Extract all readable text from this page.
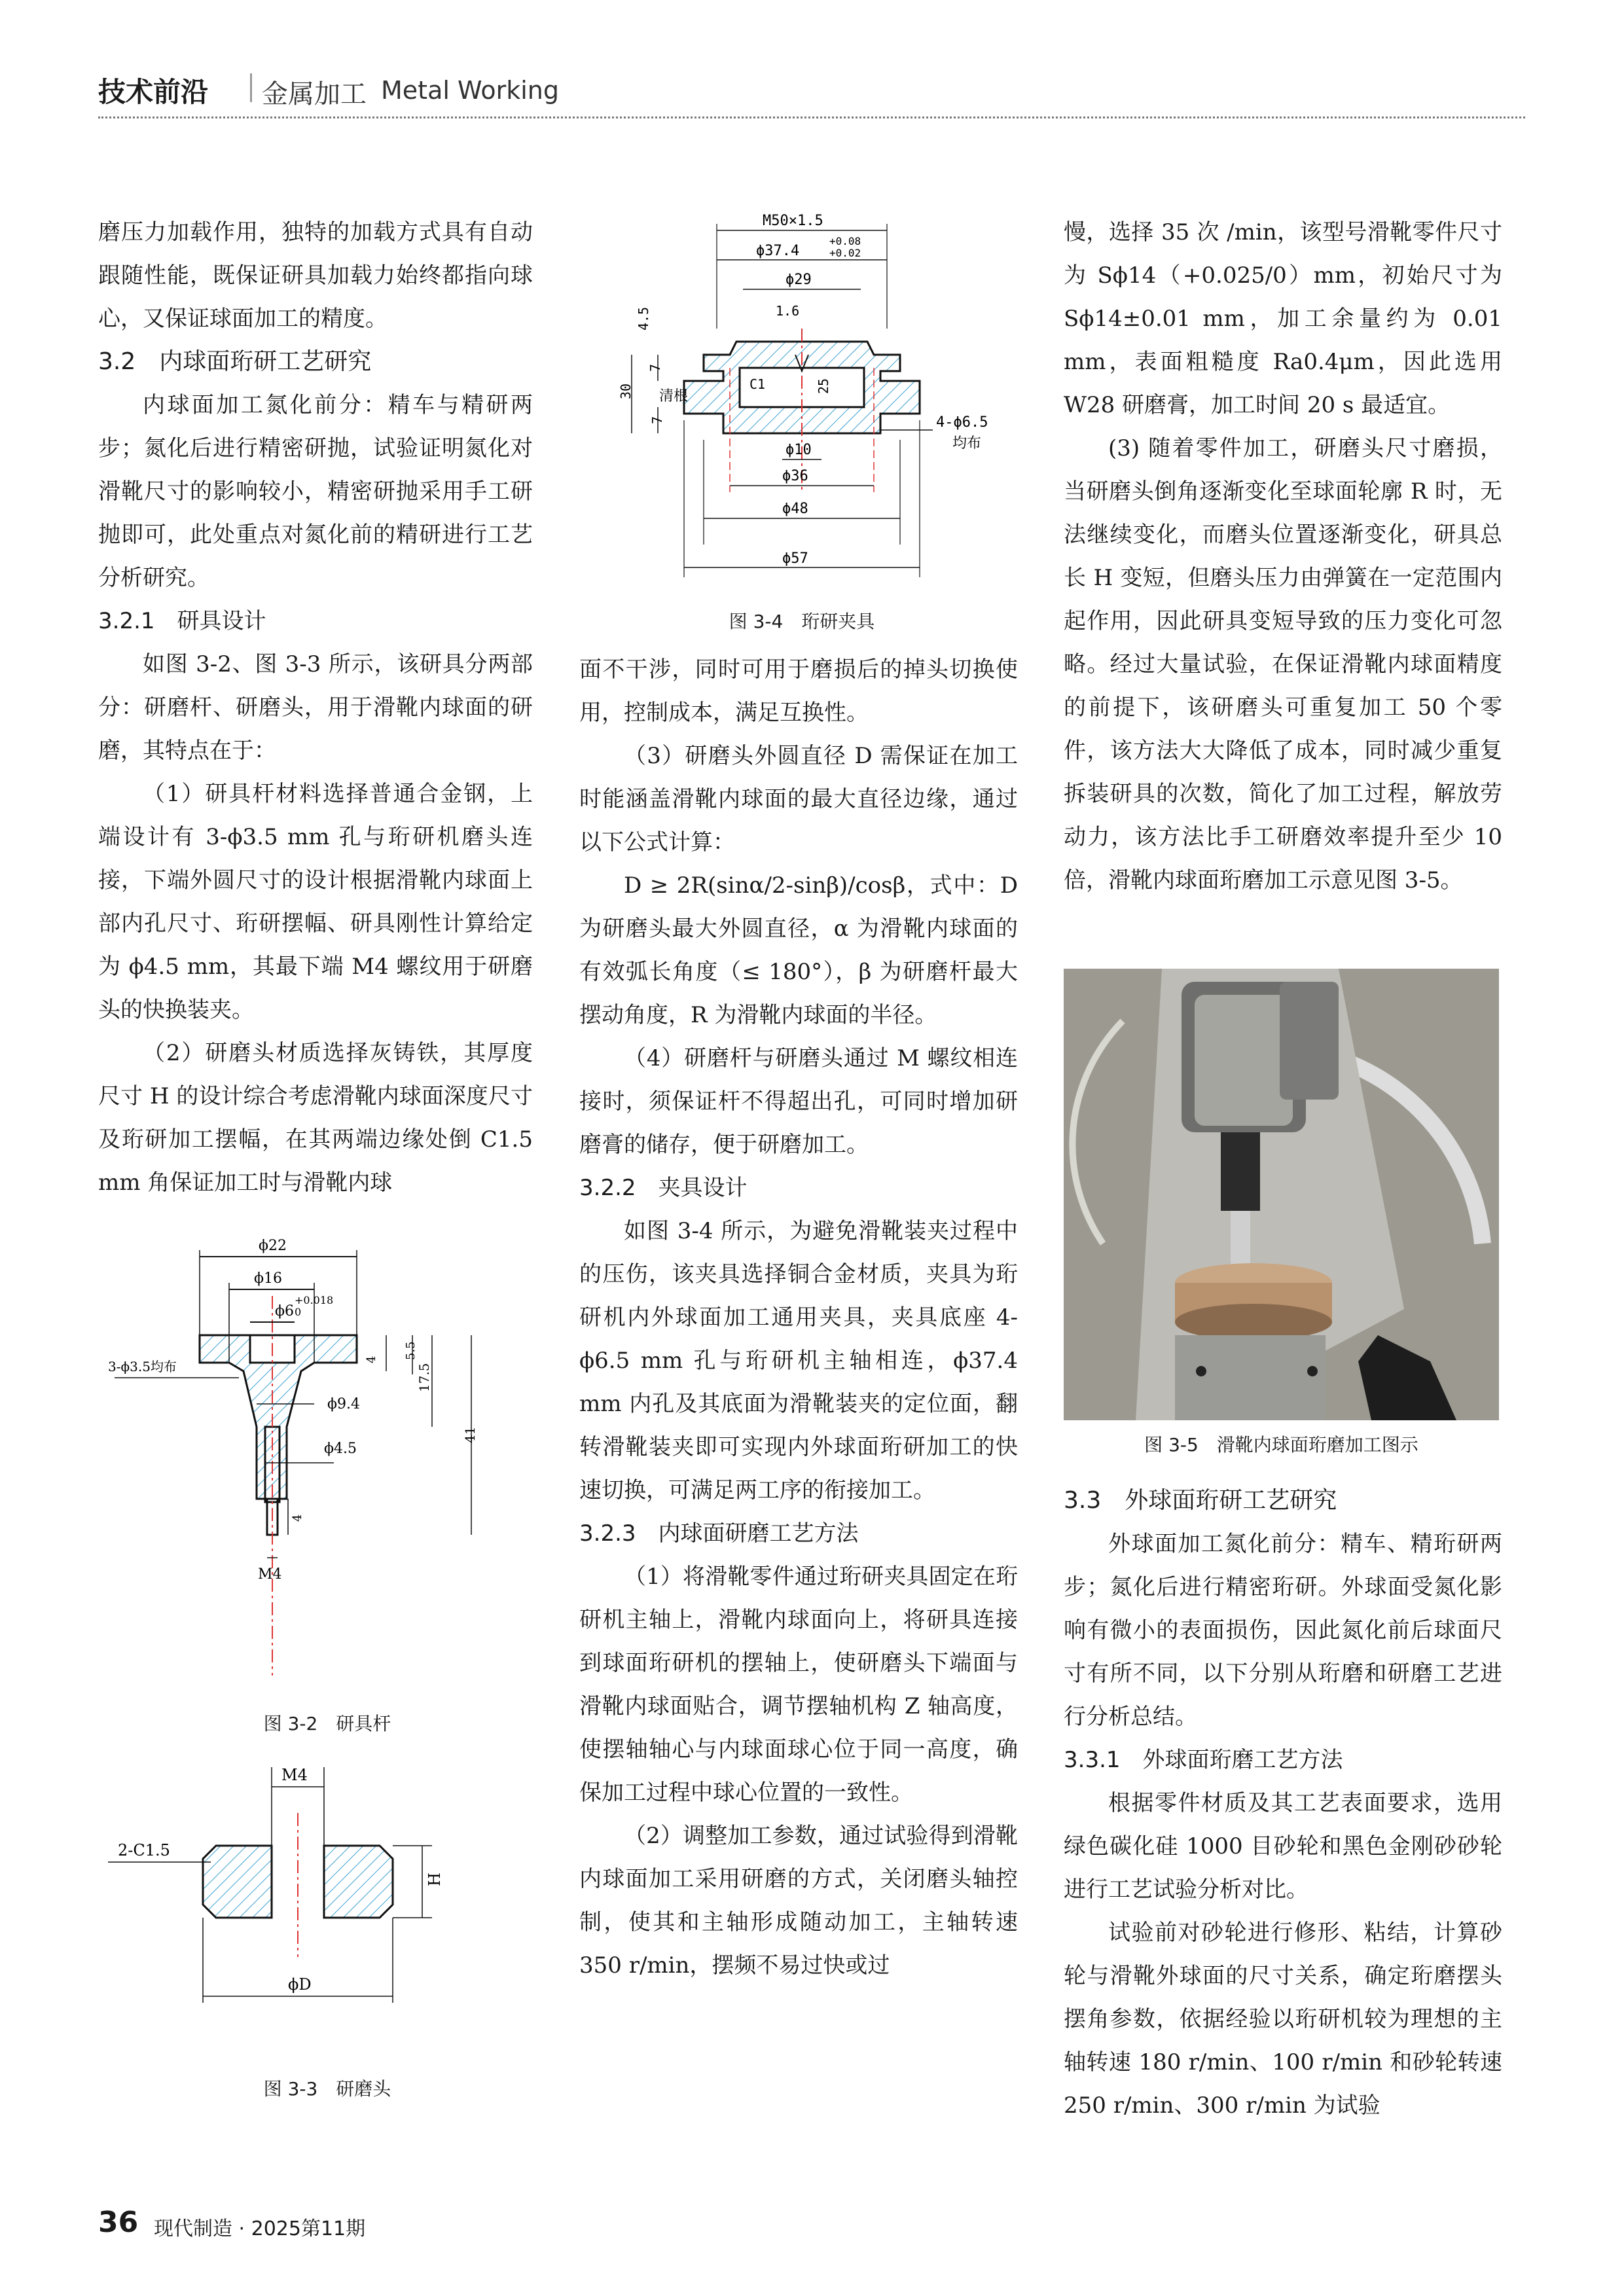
技术前沿 金属加工 Metal Working

磨压力加载作用，独特的加载方式具有自动跟随性能，既保证研具加载力始终都指向球心，又保证球面加工的精度。

3.2　内球面珩研工艺研究

内球面加工氮化前分：精车与精研两步；氮化后进行精密研抛，试验证明氮化对滑靴尺寸的影响较小，精密研抛采用手工研抛即可，此处重点对氮化前的精研进行工艺分析研究。

3.2.1　研具设计

如图 3-2、图 3-3 所示，该研具分两部分：研磨杆、研磨头，用于滑靴内球面的研磨，其特点在于：

（1）研具杆材料选择普通合金钢，上端设计有 3-ϕ3.5 mm 孔与珩研机磨头连接，下端外圆尺寸的设计根据滑靴内球面上部内孔尺寸、珩研摆幅、研具刚性计算给定为 ϕ4.5 mm，其最下端 M4 螺纹用于研磨头的快换装夹。

（2）研磨头材质选择灰铸铁，其厚度尺寸 H 的设计综合考虑滑靴内球面深度尺寸及珩研加工摆幅，在其两端边缘处倒 C1.5 mm 角保证加工时与滑靴内球

ϕ22
ϕ16
ϕ6
+0.018
0
3-ϕ3.5均布
ϕ9.4
ϕ4.5
4 5.5
17.5
41
4
M4
图 3-2　研具杆
M4
2-C1.5
H
ϕD
图 3-3　研磨头
M50×1.5
ϕ37.4
+0.08
+0.02
ϕ29
1.6
4.5
7
30
7
清根
C1	25
4-ϕ6.5
均布
ϕ10
ϕ36
ϕ48
ϕ57
图 3-4　珩研夹具

面不干涉，同时可用于磨损后的掉头切换使用，控制成本，满足互换性。

（3）研磨头外圆直径 D 需保证在加工时能涵盖滑靴内球面的最大直径边缘，通过以下公式计算：

D ≥ 2R(sinα/2-sinβ)/cosβ，式中：D 为研磨头最大外圆直径，α 为滑靴内球面的有效弧长角度（≤ 180°），β 为研磨杆最大摆动角度，R 为滑靴内球面的半径。

（4）研磨杆与研磨头通过 M 螺纹相连接时，须保证杆不得超出孔，可同时增加研磨膏的储存，便于研磨加工。

3.2.2　夹具设计

如图 3-4 所示，为避免滑靴装夹过程中的压伤，该夹具选择铜合金材质，夹具为珩研机内外球面加工通用夹具，夹具底座 4-ϕ6.5 mm 孔与珩研机主轴相连，ϕ37.4 mm 内孔及其底面为滑靴装夹的定位面，翻转滑靴装夹即可实现内外球面珩研加工的快速切换，可满足两工序的衔接加工。

3.2.3　内球面研磨工艺方法

（1）将滑靴零件通过珩研夹具固定在珩研机主轴上，滑靴内球面向上，将研具连接到球面珩研机的摆轴上，使研磨头下端面与滑靴内球面贴合，调节摆轴机构 Z 轴高度，使摆轴轴心与内球面球心位于同一高度，确保加工过程中球心位置的一致性。

（2）调整加工参数，通过试验得到滑靴内球面加工采用研磨的方式，关闭磨头轴控制，使其和主轴形成随动加工，主轴转速 350 r/min，摆频不易过快或过

慢，选择 35 次 /min，该型号滑靴零件尺寸为 Sϕ14（+0.025/0）mm，初始尺寸为 Sϕ14±0.01 mm，加工余量约为 0.01 mm，表面粗糙度 Ra0.4μm，因此选用 W28 研磨膏，加工时间 20 s 最适宜。

(3) 随着零件加工，研磨头尺寸磨损，当研磨头倒角逐渐变化至球面轮廓 R 时，无法继续变化，而磨头位置逐渐变化，研具总长 H 变短，但磨头压力由弹簧在一定范围内起作用，因此研具变短导致的压力变化可忽略。经过大量试验，在保证滑靴内球面精度的前提下，该研磨头可重复加工 50 个零件，该方法大大降低了成本，同时减少重复拆装研具的次数，简化了加工过程，解放劳动力，该方法比手工研磨效率提升至少 10 倍，滑靴内球面珩磨加工示意见图 3-5。

图 3-5　滑靴内球面珩磨加工图示
3.3　外球面珩研工艺研究

外球面加工氮化前分：精车、精珩研两步；氮化后进行精密珩研。外球面受氮化影响有微小的表面损伤，因此氮化前后球面尺寸有所不同，以下分别从珩磨和研磨工艺进行分析总结。

3.3.1　外球面珩磨工艺方法

根据零件材质及其工艺表面要求，选用绿色碳化硅 1000 目砂轮和黑色金刚砂砂轮进行工艺试验分析对比。

试验前对砂轮进行修形、粘结，计算砂轮与滑靴外球面的尺寸关系，确定珩磨摆头摆角参数，依据经验以珩研机较为理想的主轴转速 180 r/min、100 r/min 和砂轮转速 250 r/min、300 r/min 为试验

36 现代制造 · 2025第11期
